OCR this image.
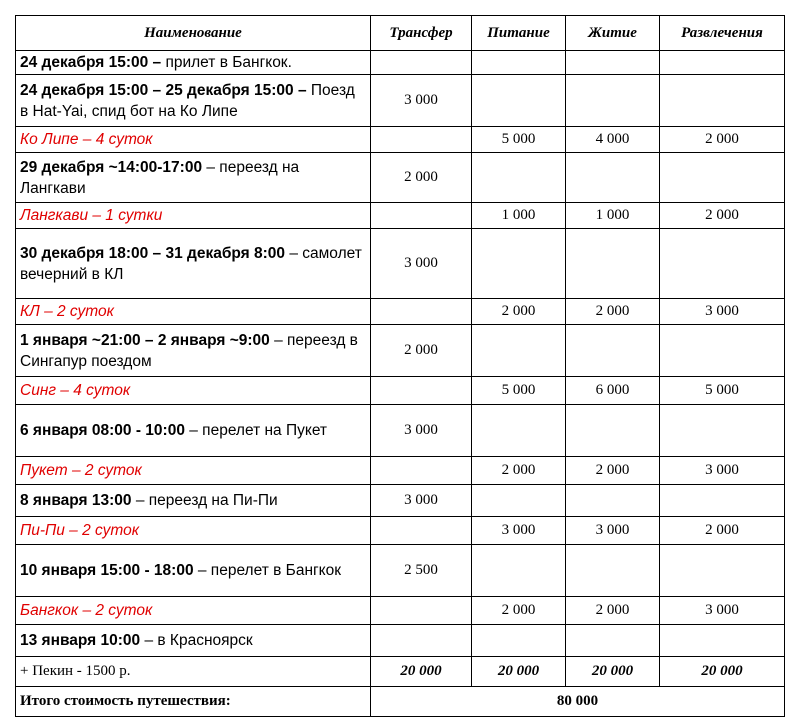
Наименование	Трансфер	Питание	Житие	Развлечения
24 декабря 15:00 – прилет в Бангкок.				
24 декабря 15:00 – 25 декабря 15:00 – Поезд в Hat-Yai, спид бот на Ко Липе	3 000			
Ко Липе – 4 суток		5 000	4 000	2 000
29 декабря ~14:00-17:00 – переезд на Лангкави	2 000			
Лангкави – 1 сутки		1 000	1 000	2 000
30 декабря 18:00 – 31 декабря 8:00 – самолет вечерний в КЛ	3 000			
КЛ – 2 суток		2 000	2 000	3 000
1 января ~21:00 – 2 января ~9:00 – переезд в Сингапур поездом	2 000			
Синг – 4 суток		5 000	6 000	5 000
6 января 08:00 - 10:00 – перелет на Пукет	3 000			
Пукет – 2 суток		2 000	2 000	3 000
8 января 13:00 – переезд на Пи-Пи	3 000			
Пи-Пи – 2 суток		3 000	3 000	2 000
10 января 15:00 - 18:00 – перелет в Бангкок	2 500			
Бангкок – 2 суток		2 000	2 000	3 000
13 января 10:00 – в Красноярск				
+ Пекин - 1500 р.	20 000	20 000	20 000	20 000
Итого стоимость путешествия:	80 000			
